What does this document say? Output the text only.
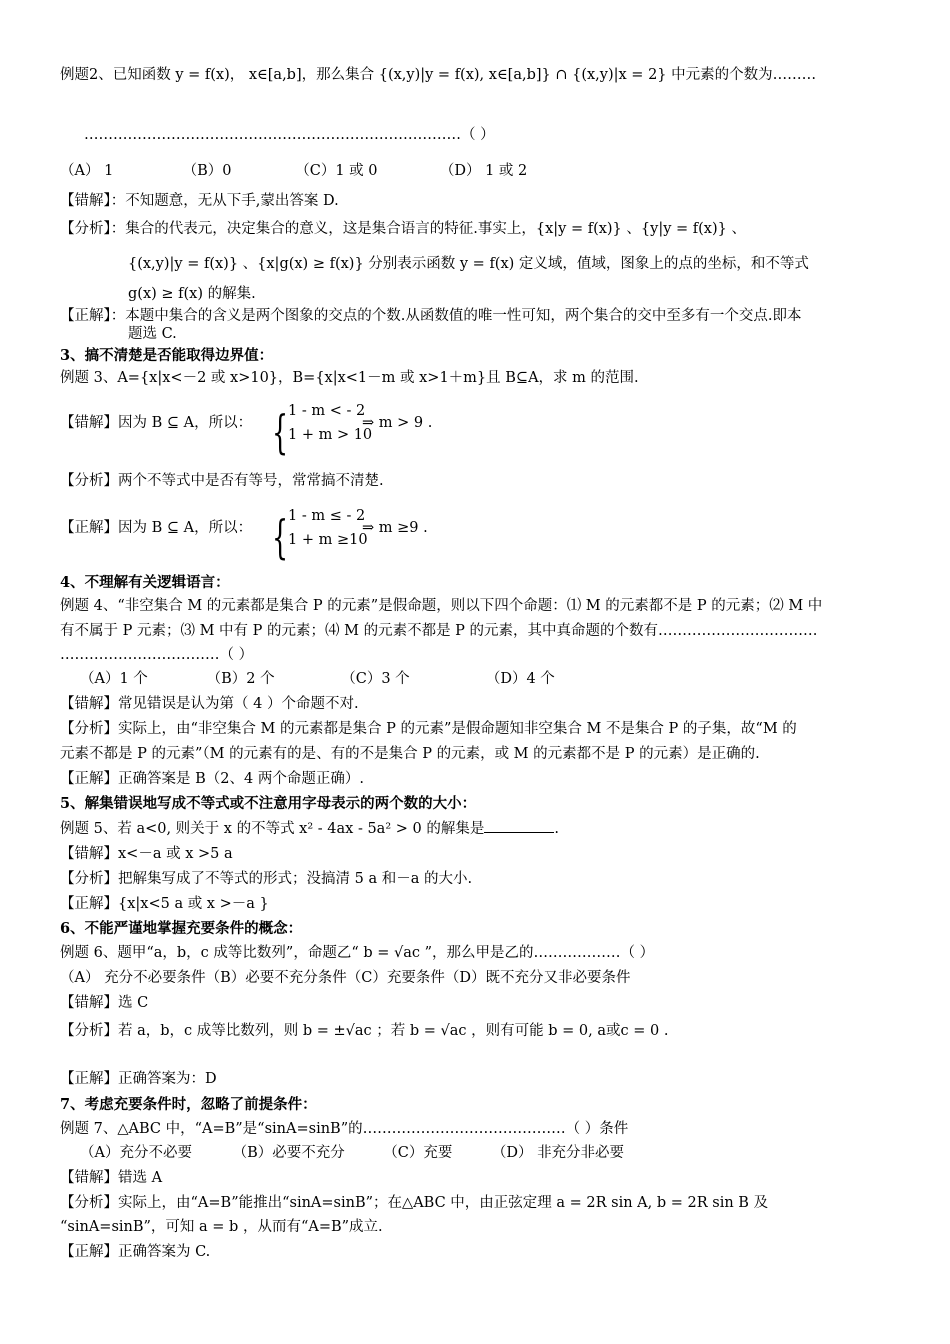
例题2、已知函数 y = f(x)， x∈[a,b]，那么集合 {(x,y)|y = f(x), x∈[a,b]} ∩ {(x,y)|x = 2} 中元素的个数为………
……………………………………………………………………（ ）
（A） 1	（B）0	（C）1 或 0	（D） 1 或 2
【错解】：不知题意，无从下手,蒙出答案 D.
【分析】：集合的代表元，决定集合的意义，这是集合语言的特征.事实上，{x|y = f(x)} 、{y|y = f(x)} 、
{(x,y)|y = f(x)} 、{x|g(x) ≥ f(x)} 分别表示函数 y = f(x) 定义域，值域，图象上的点的坐标，和不等式
g(x) ≥ f(x) 的解集.
【正解】：本题中集合的含义是两个图象的交点的个数.从函数值的唯一性可知，两个集合的交中至多有一个交点.即本
题选 C.
3、搞不清楚是否能取得边界值：
例题 3、A={x|x<－2 或 x>10}，B={x|x<1－m 或 x>1＋m}且 B⊆A，求 m 的范围.
【错解】因为 B ⊆ A，所以： { 1 - m < - 2
1 + m > 10
⇒ m > 9 .
【分析】两个不等式中是否有等号，常常搞不清楚.
【正解】因为 B ⊆ A，所以： { 1 - m ≤ - 2
1 + m ≥10
⇒ m ≥9 .
4、不理解有关逻辑语言：
例题 4、“非空集合 M 的元素都是集合 P 的元素”是假命题，则以下四个命题：⑴ M 的元素都不是 P 的元素；⑵ M 中
有不属于 P 元素；⑶ M 中有 P 的元素；⑷ M 的元素不都是 P 的元素，其中真命题的个数有……………………………
……………………………（ ）
（A）1 个	（B）2 个	（C）3 个	（D）4 个
【错解】常见错误是认为第（ 4 ）个命题不对.
【分析】实际上，由“非空集合 M 的元素都是集合 P 的元素”是假命题知非空集合 M 不是集合 P 的子集，故“M 的
元素不都是 P 的元素”（M 的元素有的是、有的不是集合 P 的元素，或 M 的元素都不是 P 的元素）是正确的.
【正解】正确答案是 B（2、4 两个命题正确）.
5、解集错误地写成不等式或不注意用字母表示的两个数的大小：
例题 5、若 a<0, 则关于 x 的不等式 x² - 4ax - 5a² > 0 的解集是	.
【错解】x<－a 或 x >5 a
【分析】把解集写成了不等式的形式；没搞清 5 a 和－a 的大小.
【正解】{x|x<5 a 或 x >－a }
6、不能严谨地掌握充要条件的概念：
例题 6、题甲“a，b，c 成等比数列”，命题乙“ b = √ac ”，那么甲是乙的………………（ ）
（A） 充分不必要条件（B）必要不充分条件（C）充要条件（D）既不充分又非必要条件
【错解】选 C
【分析】若 a，b，c 成等比数列，则 b = ±√ac ；若 b = √ac ，则有可能 b = 0, a或c = 0 .
【正解】正确答案为：D
7、考虑充要条件时，忽略了前提条件：
例题 7、△ABC 中，“A=B”是“sinA=sinB”的……………………………………（ ）条件
（A）充分不必要	（B）必要不充分	（C）充要	（D） 非充分非必要
【错解】错选 A
【分析】实际上，由“A=B”能推出“sinA=sinB”；在△ABC 中，由正弦定理 a = 2R sin A, b = 2R sin B 及
“sinA=sinB”，可知 a = b ，从而有“A=B”成立.
【正解】正确答案为 C.
